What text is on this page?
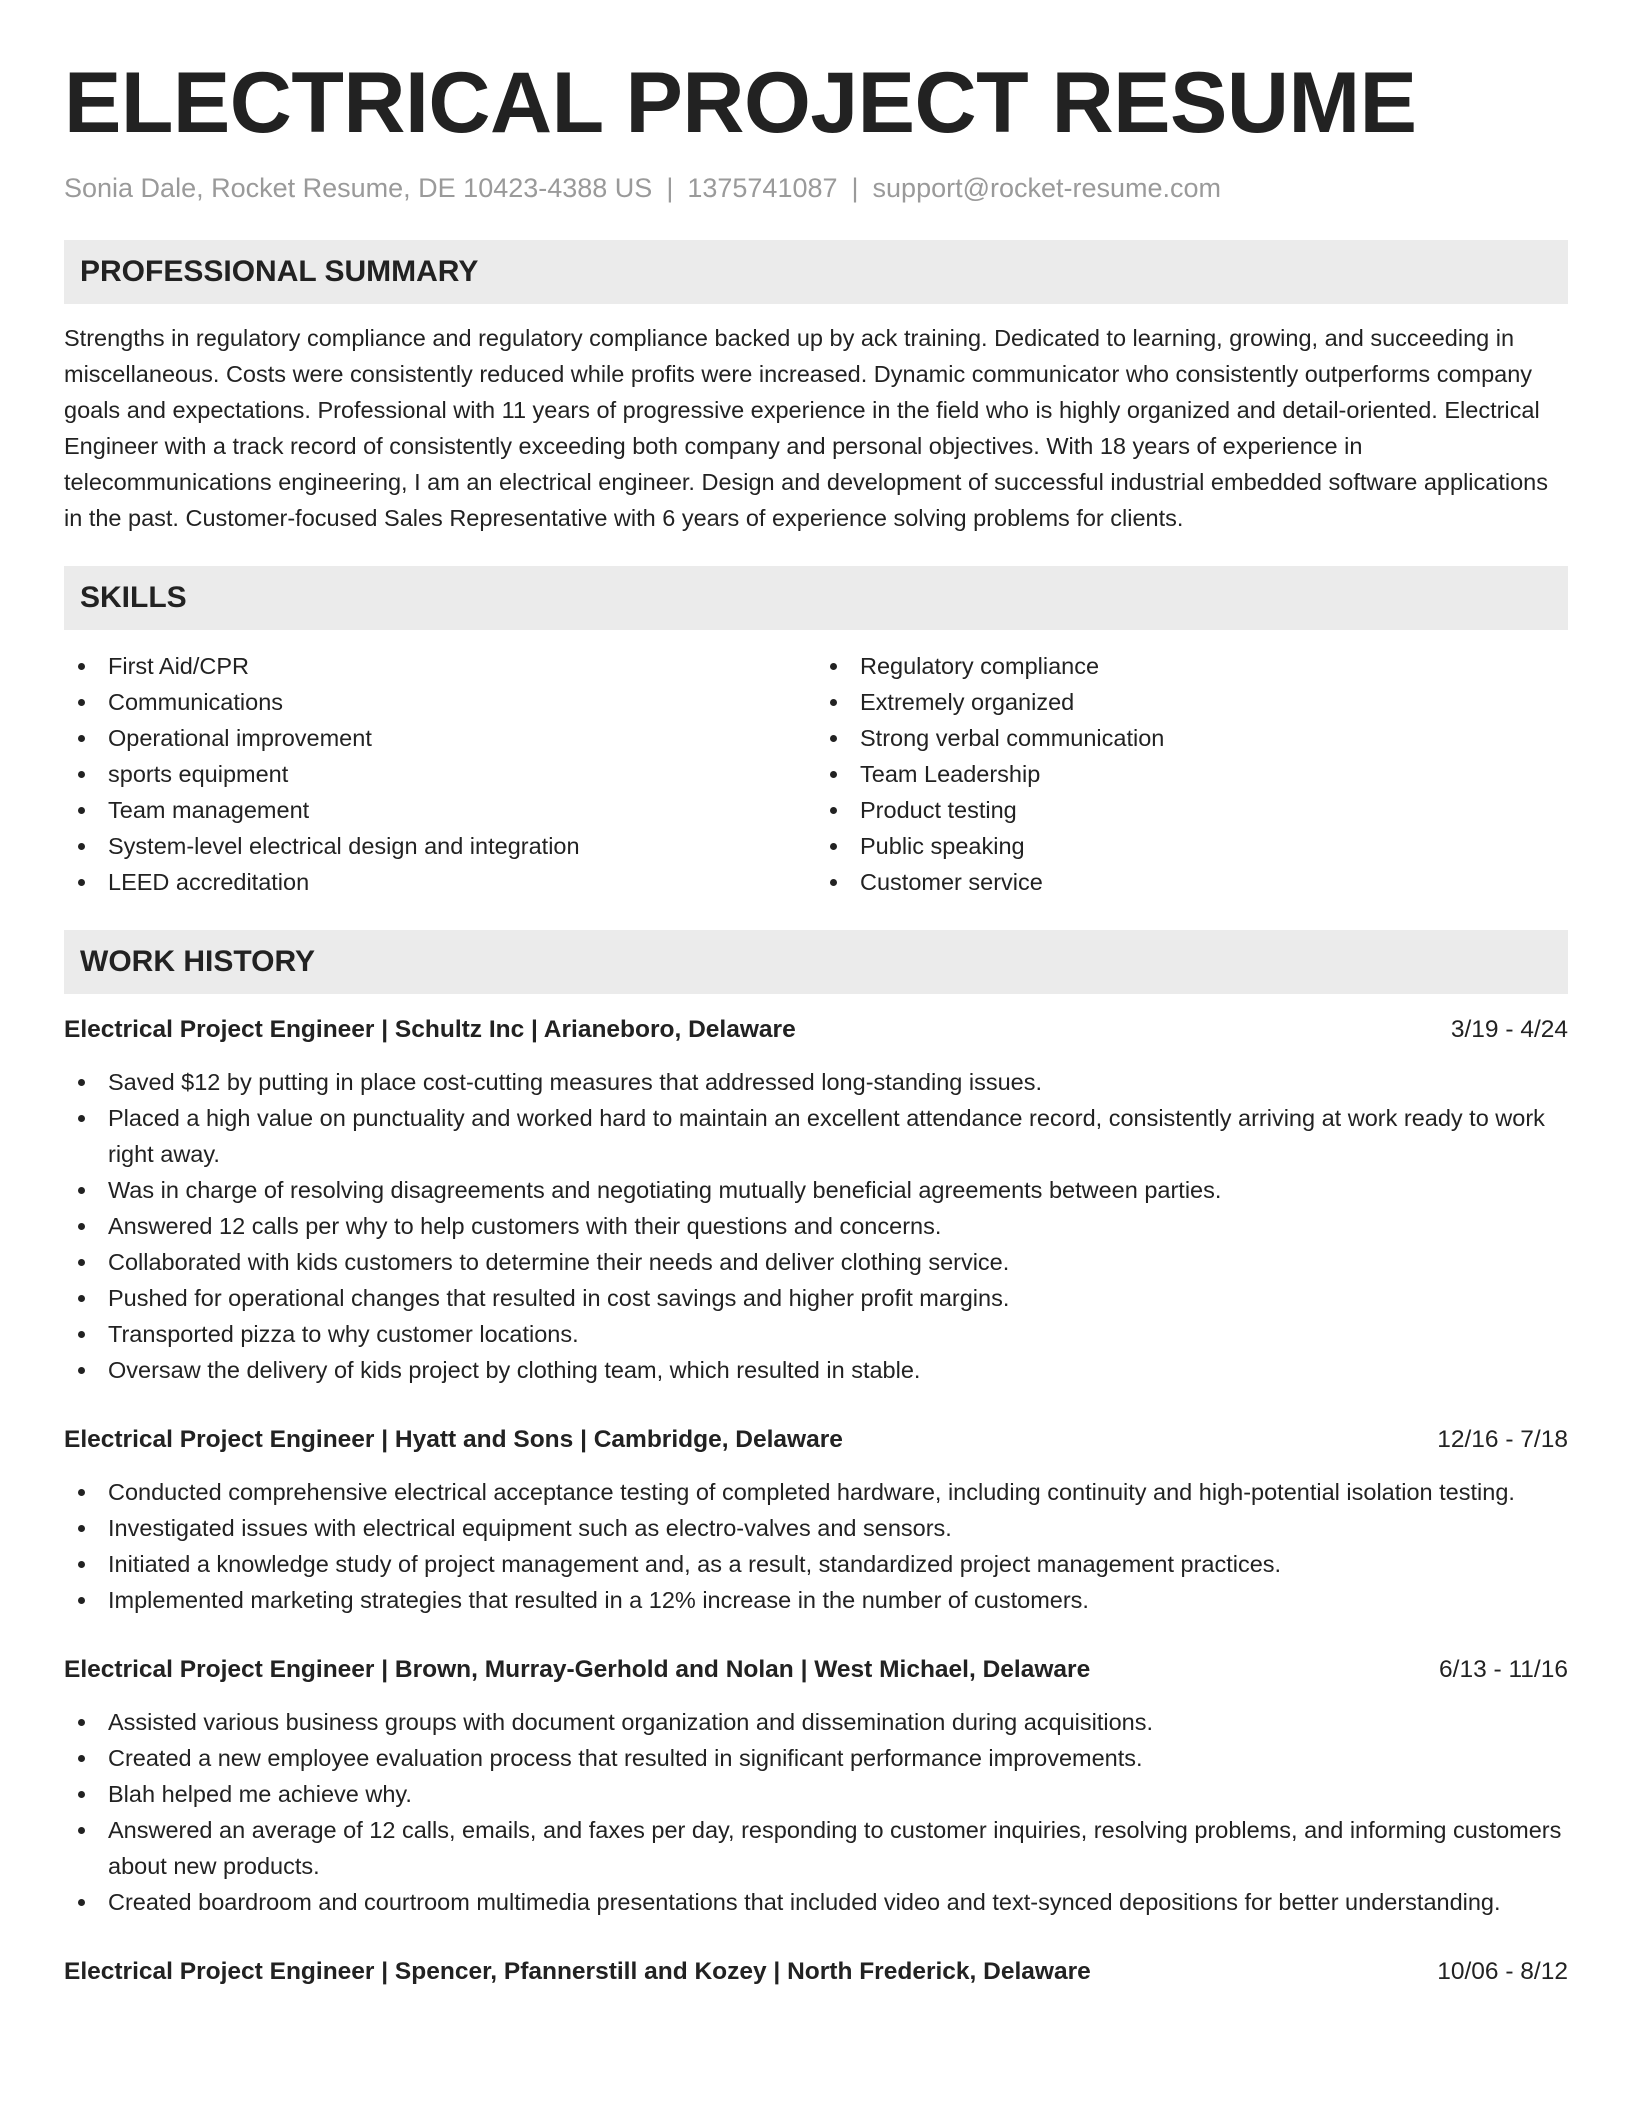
ELECTRICAL PROJECT RESUME
Sonia Dale, Rocket Resume, DE 10423-4388 US | 1375741087 | support@rocket-resume.com
PROFESSIONAL SUMMARY

Strengths in regulatory compliance and regulatory compliance backed up by ack training. Dedicated to learning, growing, and succeeding in miscellaneous. Costs were consistently reduced while profits were increased. Dynamic communicator who consistently outperforms company goals and expectations. Professional with 11 years of progressive experience in the field who is highly organized and detail-oriented. Electrical Engineer with a track record of consistently exceeding both company and personal objectives. With 18 years of experience in telecommunications engineering, I am an electrical engineer. Design and development of successful industrial embedded software applications in the past. Customer-focused Sales Representative with 6 years of experience solving problems for clients.

SKILLS
First Aid/CPR
Communications
Operational improvement
sports equipment
Team management
System-level electrical design and integration
LEED accreditation
Regulatory compliance
Extremely organized
Strong verbal communication
Team Leadership
Product testing
Public speaking
Customer service
WORK HISTORY
Electrical Project Engineer | Schultz Inc | Arianeboro, Delaware	3/19 - 4/24
Saved $12 by putting in place cost-cutting measures that addressed long-standing issues.
Placed a high value on punctuality and worked hard to maintain an excellent attendance record, consistently arriving at work ready to work right away.
Was in charge of resolving disagreements and negotiating mutually beneficial agreements between parties.
Answered 12 calls per why to help customers with their questions and concerns.
Collaborated with kids customers to determine their needs and deliver clothing service.
Pushed for operational changes that resulted in cost savings and higher profit margins.
Transported pizza to why customer locations.
Oversaw the delivery of kids project by clothing team, which resulted in stable.
Electrical Project Engineer | Hyatt and Sons | Cambridge, Delaware	12/16 - 7/18
Conducted comprehensive electrical acceptance testing of completed hardware, including continuity and high-potential isolation testing.
Investigated issues with electrical equipment such as electro-valves and sensors.
Initiated a knowledge study of project management and, as a result, standardized project management practices.
Implemented marketing strategies that resulted in a 12% increase in the number of customers.
Electrical Project Engineer | Brown, Murray-Gerhold and Nolan | West Michael, Delaware	6/13 - 11/16
Assisted various business groups with document organization and dissemination during acquisitions.
Created a new employee evaluation process that resulted in significant performance improvements.
Blah helped me achieve why.
Answered an average of 12 calls, emails, and faxes per day, responding to customer inquiries, resolving problems, and informing customers about new products.
Created boardroom and courtroom multimedia presentations that included video and text-synced depositions for better understanding.
Electrical Project Engineer | Spencer, Pfannerstill and Kozey | North Frederick, Delaware	10/06 - 8/12
